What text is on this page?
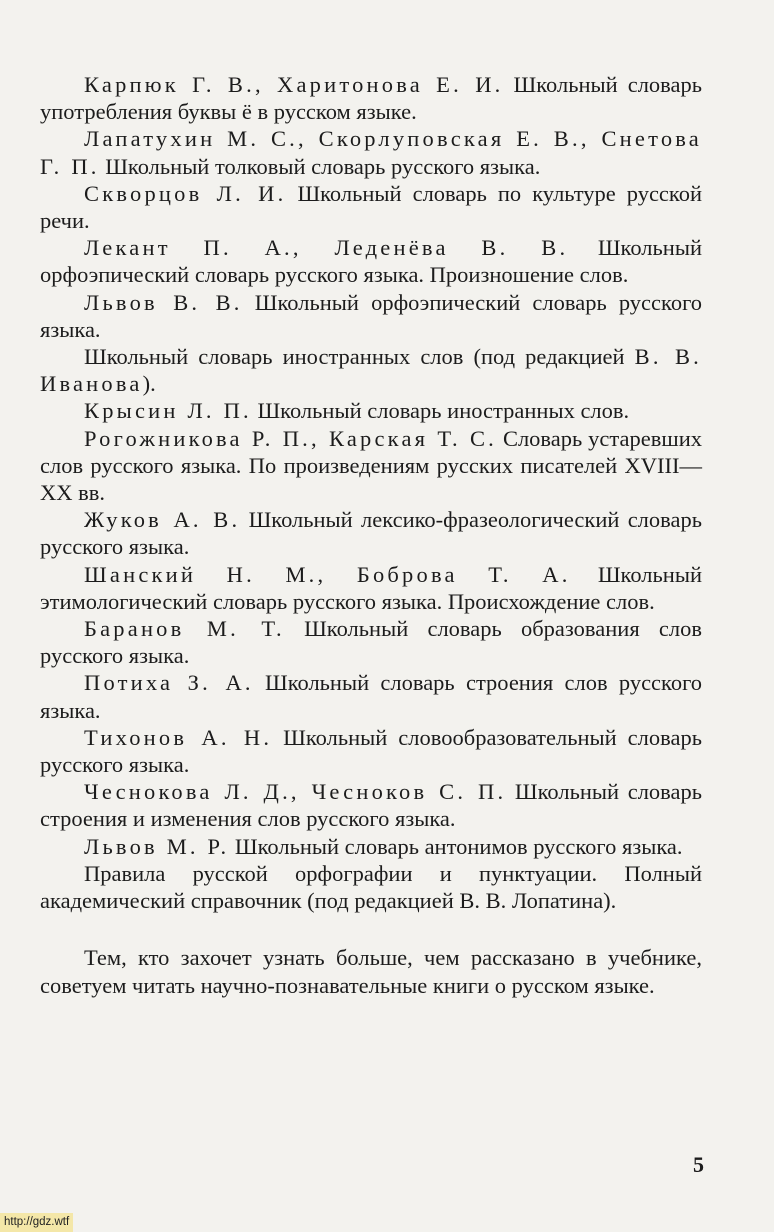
Карпюк Г. В., Харитонова Е. И. Школьный словарь употребления буквы ё в русском языке.

Лапатухин М. С., Скорлуповская Е. В., Снетова Г. П. Школьный толковый словарь русского языка.

Скворцов Л. И. Школьный словарь по культуре русской речи.

Лекант П. А., Леденёва В. В. Школьный орфоэпический словарь русского языка. Произношение слов.

Львов В. В. Школьный орфоэпический словарь русского языка.

Школьный словарь иностранных слов (под редакцией В. В. Иванова).

Крысин Л. П. Школьный словарь иностранных слов.

Рогожникова Р. П., Карская Т. С. Словарь устаревших слов русского языка. По произведениям русских писателей XVIII—XX вв.

Жуков А. В. Школьный лексико-фразеологический словарь русского языка.

Шанский Н. М., Боброва Т. А. Школьный этимологический словарь русского языка. Происхождение слов.

Баранов М. Т. Школьный словарь образования слов русского языка.

Потиха З. А. Школьный словарь строения слов русского языка.

Тихонов А. Н. Школьный словообразовательный словарь русского языка.

Чеснокова Л. Д., Чесноков С. П. Школьный словарь строения и изменения слов русского языка.

Львов М. Р. Школьный словарь антонимов русского языка.

Правила русской орфографии и пунктуации. Полный академический справочник (под редакцией В. В. Лопатина).

Тем, кто захочет узнать больше, чем рассказано в учебнике, советуем читать научно-познавательные книги о русском языке.

5
http://gdz.wtf
